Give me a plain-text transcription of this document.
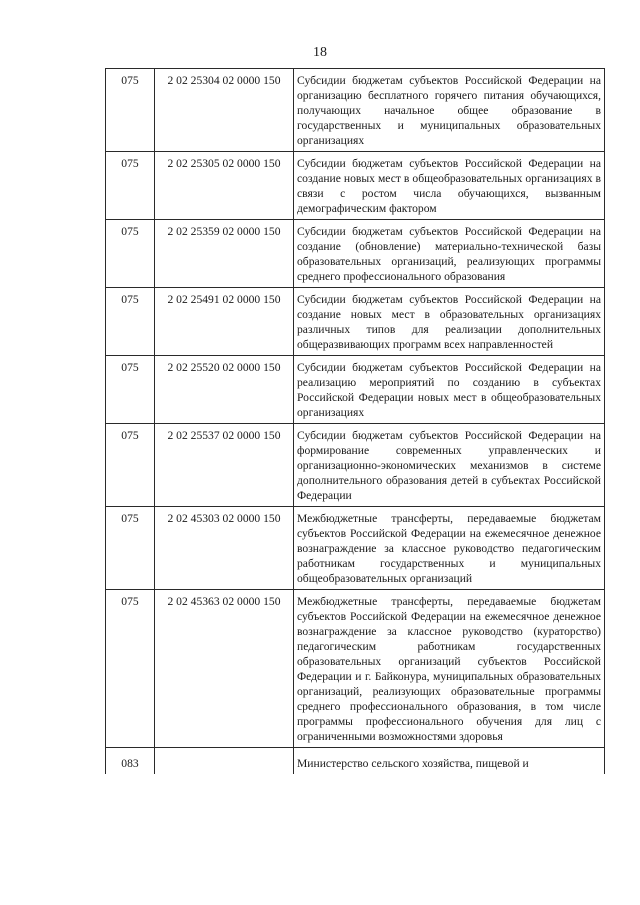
18
075	2 02 25304 02 0000 150	Субсидии бюджетам субъектов Российской Федерации на организацию бесплатного горячего питания обучающихся, получающих начальное общее образование в государственных и муниципальных образовательных организациях
075	2 02 25305 02 0000 150	Субсидии бюджетам субъектов Российской Федерации на создание новых мест в общеобразовательных организациях в связи с ростом числа обучающихся, вызванным демографическим фактором
075	2 02 25359 02 0000 150	Субсидии бюджетам субъектов Российской Федерации на создание (обновление) материально-технической базы образовательных организаций, реализующих программы среднего профессионального образования
075	2 02 25491 02 0000 150	Субсидии бюджетам субъектов Российской Федерации на создание новых мест в образовательных организациях различных типов для реализации дополнительных общеразвивающих программ всех направленностей
075	2 02 25520 02 0000 150	Субсидии бюджетам субъектов Российской Федерации на реализацию мероприятий по созданию в субъектах Российской Федерации новых мест в общеобразовательных организациях
075	2 02 25537 02 0000 150	Субсидии бюджетам субъектов Российской Федерации на формирование современных управленческих и организационно-экономических механизмов в системе дополнительного образования детей в субъектах Российской Федерации
075	2 02 45303 02 0000 150	Межбюджетные трансферты, передаваемые бюджетам субъектов Российской Федерации на ежемесячное денежное вознаграждение за классное руководство педагогическим работникам государственных и муниципальных общеобразовательных организаций
075	2 02 45363 02 0000 150	Межбюджетные трансферты, передаваемые бюджетам субъектов Российской Федерации на ежемесячное денежное вознаграждение за классное руководство (кураторство) педагогическим работникам государственных образовательных организаций субъектов Российской Федерации и г. Байконура, муниципальных образовательных организаций, реализующих образовательные программы среднего профессионального образования, в том числе программы профессионального обучения для лиц с ограниченными возможностями здоровья
083		Министерство сельского хозяйства, пищевой и
